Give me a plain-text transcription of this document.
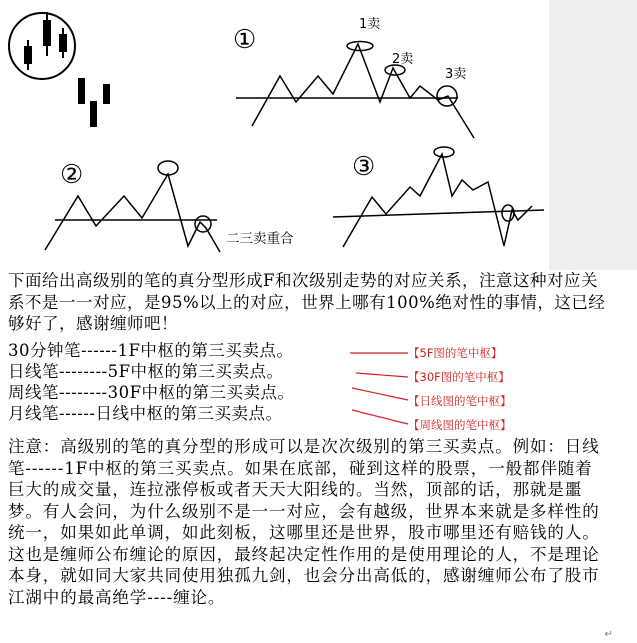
①
②	③
1卖
2卖
3卖
二三卖重合
下面给出高级别的笔的真分型形成F和次级别走势的对应关系，注意这种对应关系不是一一对应，是95%以上的对应，世界上哪有100%绝对性的事情，这已经够好了，感谢缠师吧！
30分钟笔------1F中枢的第三买卖点。
日线笔--------5F中枢的第三买卖点。
周线笔--------30F中枢的第三买卖点。
月线笔------日线中枢的第三买卖点。
【5F图的笔中枢】
【30F图的笔中枢】
【日线图的笔中枢】
【周线图的笔中枢】
注意：高级别的笔的真分型的形成可以是次次级别的第三买卖点。例如：日线笔------1F中枢的第三买卖点。如果在底部，碰到这样的股票，一般都伴随着巨大的成交量，连拉涨停板或者天天大阳线的。当然，顶部的话，那就是噩梦。有人会问，为什么级别不是一一对应，会有越级，世界本来就是多样性的统一，如果如此单调，如此刻板，这哪里还是世界，股市哪里还有赔钱的人。这也是缠师公布缠论的原因，最终起决定性作用的是使用理论的人，不是理论本身，就如同大家共同使用独孤九剑，也会分出高低的，感谢缠师公布了股市江湖中的最高绝学----缠论。
↵
